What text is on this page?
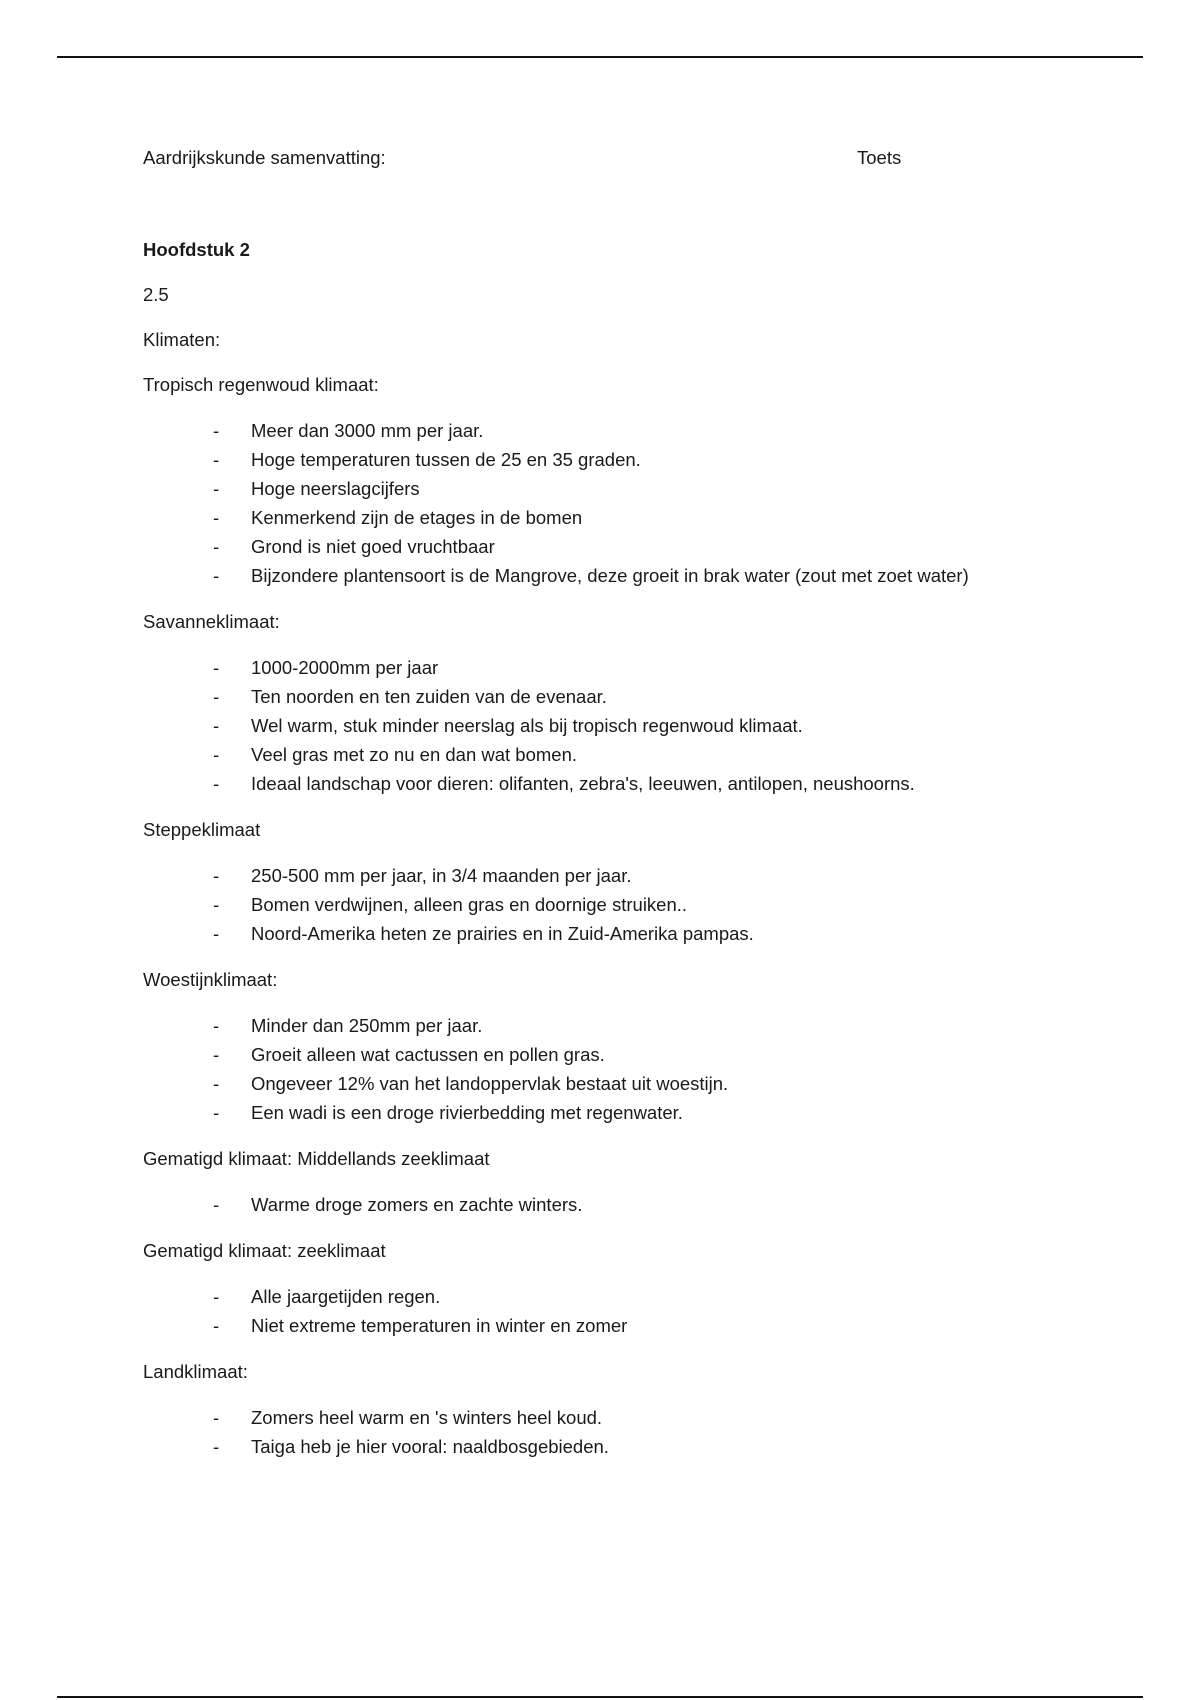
Aardrijkskunde samenvatting:	Toets
Hoofdstuk 2
2.5
Klimaten:
Tropisch regenwoud klimaat:
- Meer dan 3000 mm per jaar.
- Hoge temperaturen tussen de 25 en 35 graden.
- Hoge neerslagcijfers
- Kenmerkend zijn de etages in de bomen
- Grond is niet goed vruchtbaar
- Bijzondere plantensoort is de Mangrove, deze groeit in brak water (zout met zoet water)
Savanneklimaat:
- 1000-2000mm per jaar
- Ten noorden en ten zuiden van de evenaar.
- Wel warm, stuk minder neerslag als bij tropisch regenwoud klimaat.
- Veel gras met zo nu en dan wat bomen.
- Ideaal landschap voor dieren: olifanten, zebra's, leeuwen, antilopen, neushoorns.
Steppeklimaat
- 250-500 mm per jaar, in 3/4 maanden per jaar.
- Bomen verdwijnen, alleen gras en doornige struiken..
- Noord-Amerika heten ze prairies en in Zuid-Amerika pampas.
Woestijnklimaat:
- Minder dan 250mm per jaar.
- Groeit alleen wat cactussen en pollen gras.
- Ongeveer 12% van het landoppervlak bestaat uit woestijn.
- Een wadi is een droge rivierbedding met regenwater.
Gematigd klimaat: Middellands zeeklimaat
- Warme droge zomers en zachte winters.
Gematigd klimaat: zeeklimaat
- Alle jaargetijden regen.
- Niet extreme temperaturen in winter en zomer
Landklimaat:
- Zomers heel warm en 's winters heel koud.
- Taiga heb je hier vooral: naaldbosgebieden.
